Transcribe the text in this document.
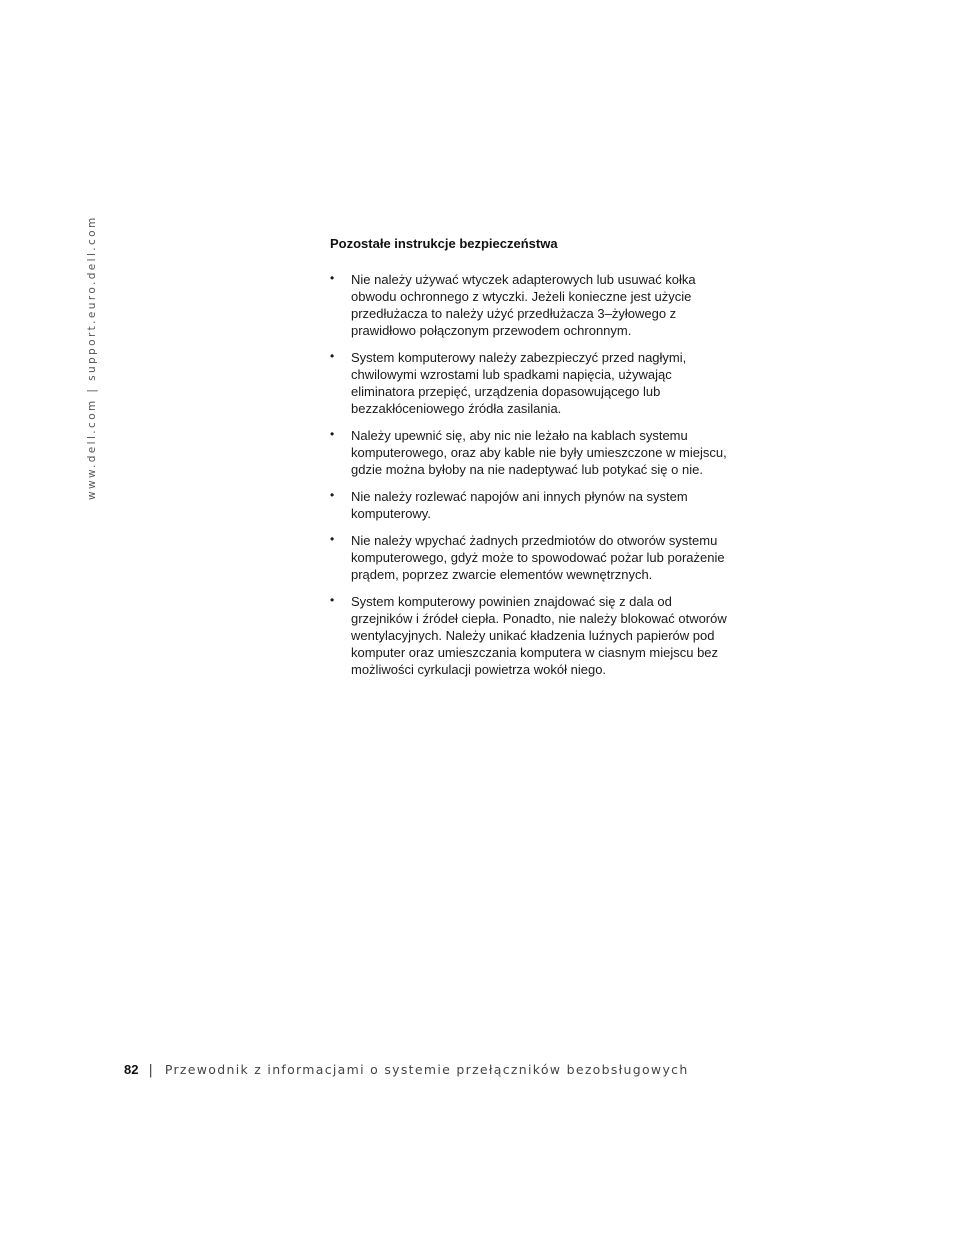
www.dell.com | support.euro.dell.com	Pozostałe instrukcje bezpieczeństwa
• Nie należy używać wtyczek adapterowych lub usuwać kołka
obwodu ochronnego z wtyczki. Jeżeli konieczne jest użycie
przedłużacza to należy użyć przedłużacza 3–żyłowego z
prawidłowo połączonym przewodem ochronnym.
• System komputerowy należy zabezpieczyć przed nagłymi,
chwilowymi wzrostami lub spadkami napięcia, używając
eliminatora przepięć, urządzenia dopasowującego lub
bezzakłóceniowego źródła zasilania.
• Należy upewnić się, aby nic nie leżało na kablach systemu
komputerowego, oraz aby kable nie były umieszczone w miejscu,
gdzie można byłoby na nie nadeptywać lub potykać się o nie.
• Nie należy rozlewać napojów ani innych płynów na system
komputerowy.
• Nie należy wpychać żadnych przedmiotów do otworów systemu
komputerowego, gdyż może to spowodować pożar lub porażenie
prądem, poprzez zwarcie elementów wewnętrznych.
• System komputerowy powinien znajdować się z dala od
grzejników i źródeł ciepła. Ponadto, nie należy blokować otworów
wentylacyjnych. Należy unikać kładzenia luźnych papierów pod
komputer oraz umieszczania komputera w ciasnym miejscu bez
możliwości cyrkulacji powietrza wokół niego.
82 | Przewodnik z informacjami o systemie przełączników bezobsługowych
